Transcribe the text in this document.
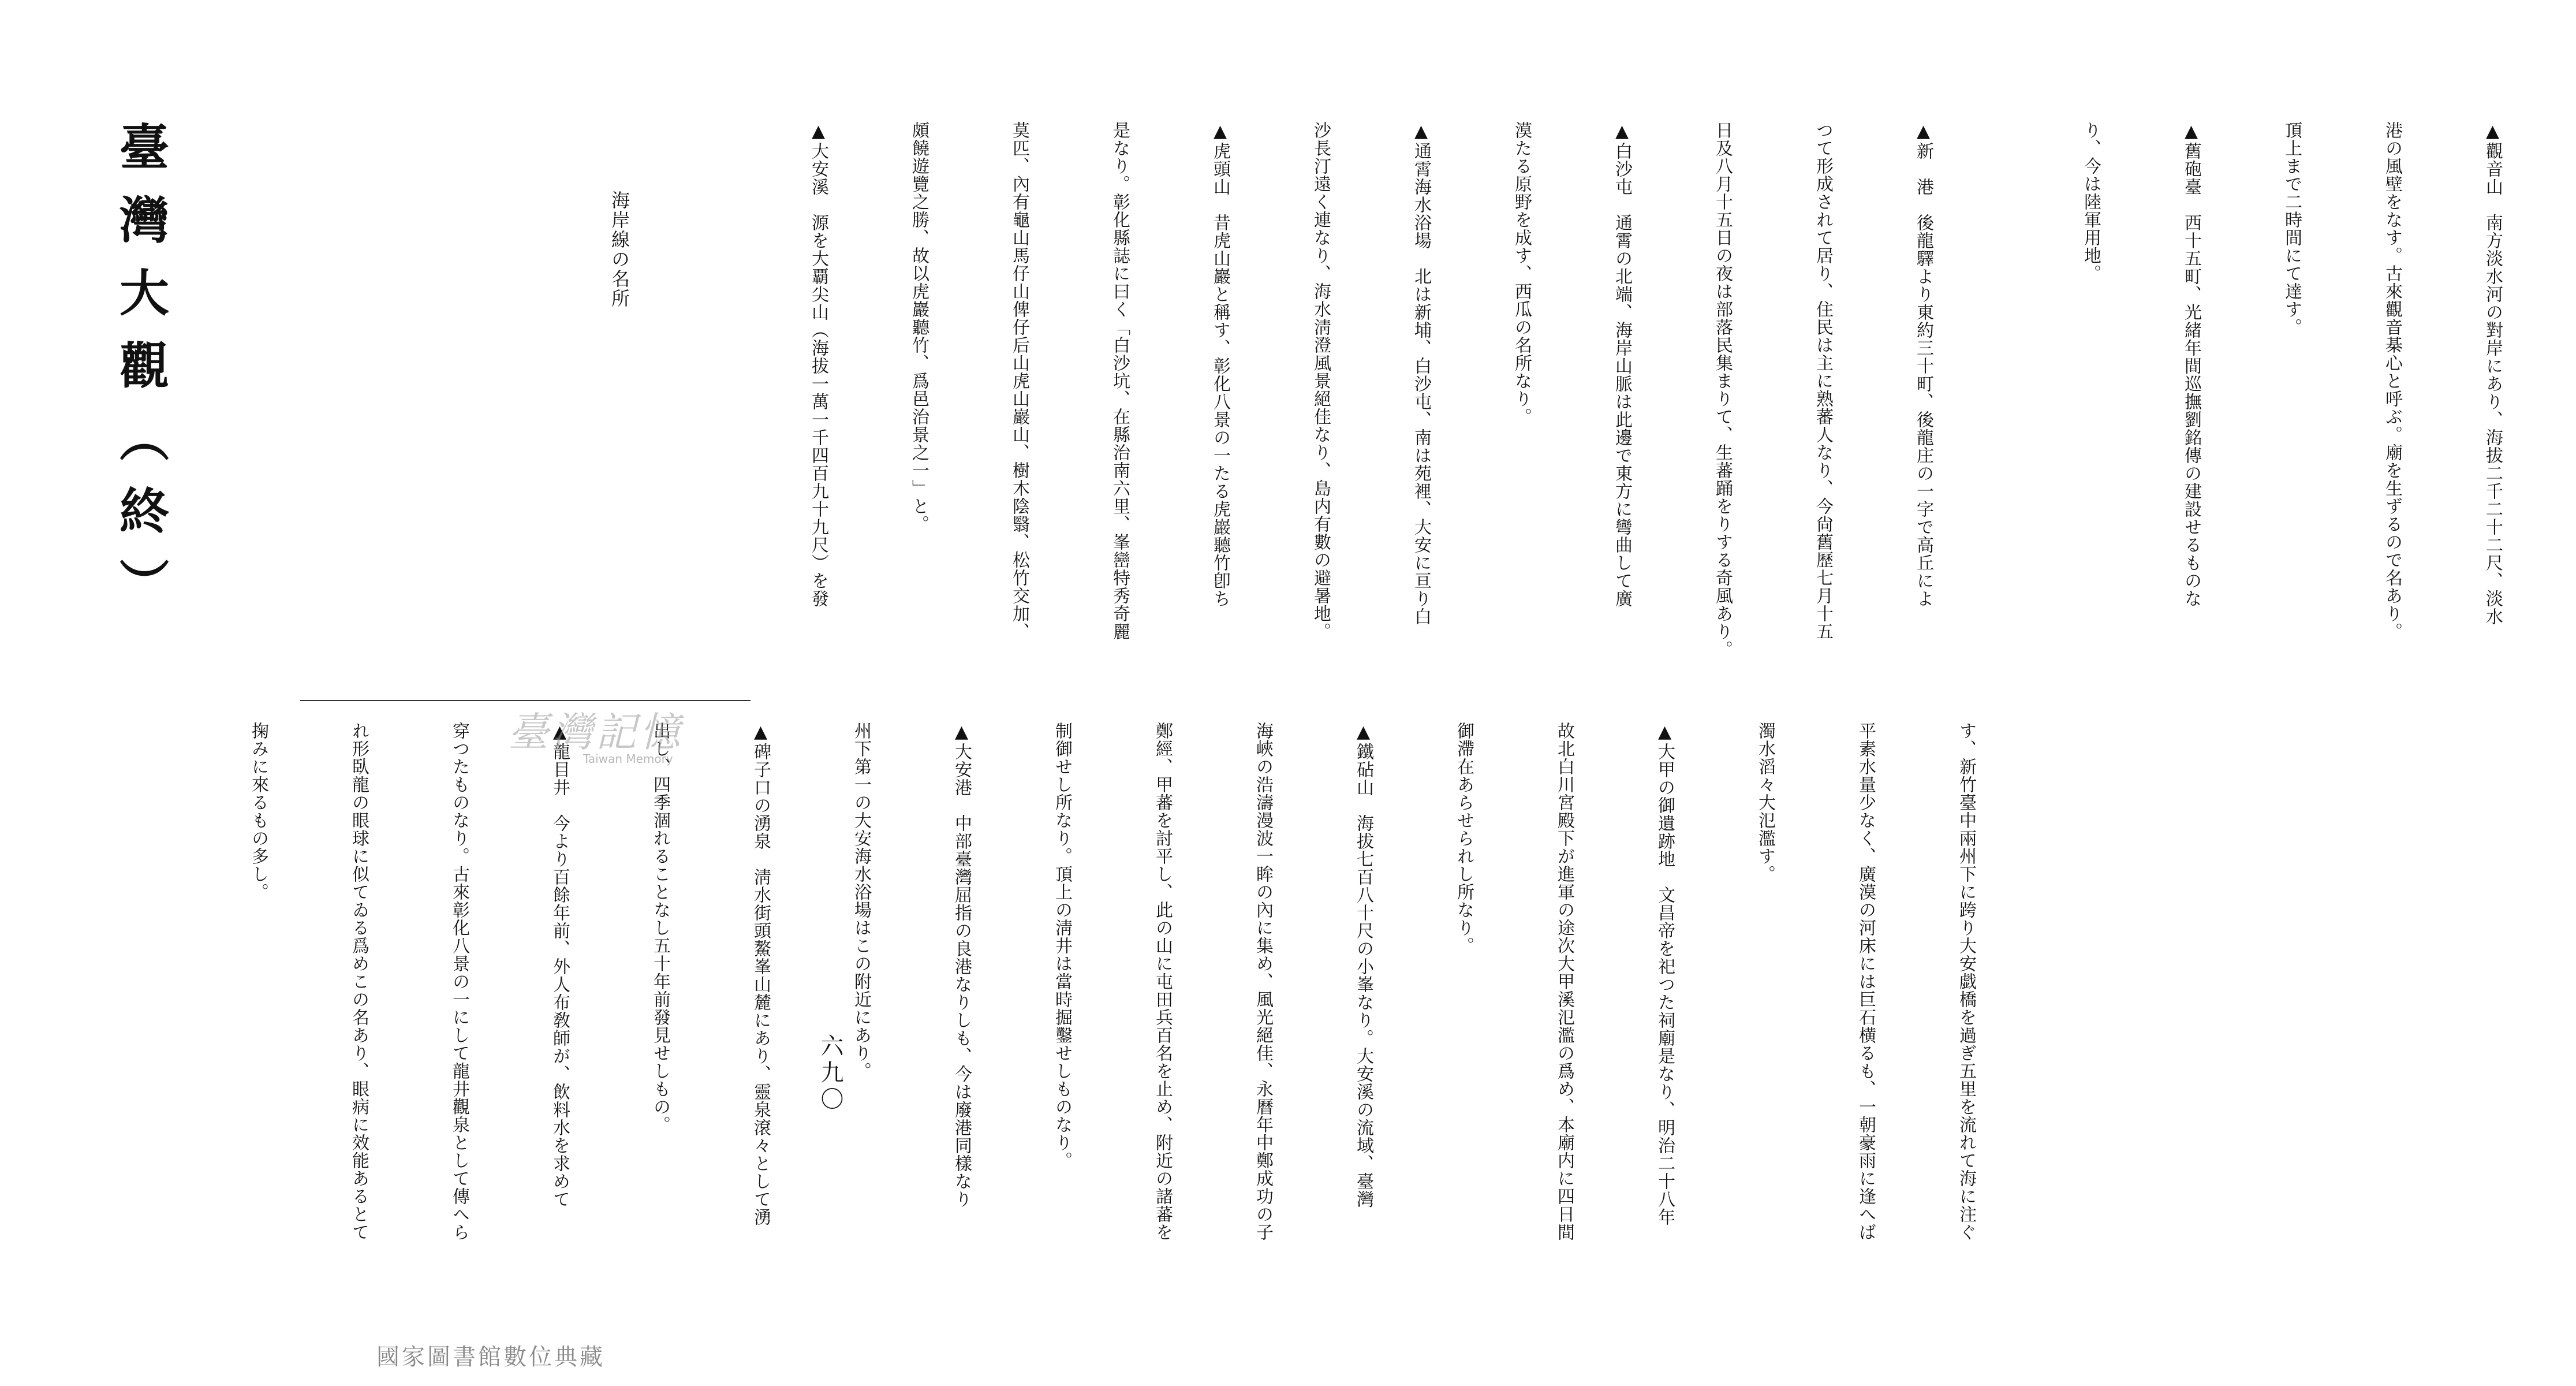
六九〇

▲觀音山　南方淡水河の對岸にあり、海拔二千二十二尺、淡水

港の風壁をなす。古來觀音棊心と呼ぶ。廟を生ずるので名あり。

頂上まで二時間にて達す。

▲舊砲臺　西十五町、光緒年間巡撫劉銘傳の建設せるものな

り、今は陸軍用地。

▲新　港　後龍驛より東約三十町、後龍庄の一字で高丘によ

つて形成されて居り、住民は主に熟蕃人なり、今尙舊歷七月十五

日及八月十五日の夜は部落民集まりて、生蕃踊をりする奇風あり。

▲白沙屯　通霄の北端、海岸山脈は此邊で東方に彎曲して廣

漠たる原野を成す、西瓜の名所なり。

▲通霄海水浴場　北は新埔、白沙屯、南は苑裡、大安に亘り白

沙長汀遠く連なり、海水淸澄風景絕佳なり、島内有數の避暑地。

▲虎頭山　昔虎山巖と稱す、彰化八景の一たる虎巖聽竹卽ち

是なり。彰化縣誌に曰く「白沙坑、在縣治南六里、峯巒特秀奇麗

莫匹、內有龜山馬仔山俾仔后山虎山巖山、樹木陰翳、松竹交加、

頗饒遊覽之勝、故以虎巖聽竹、爲邑治景之一」と。

▲大安溪　源を大覇尖山（海拔一萬一千四百九十九尺）を發

海岸線の名所

す、新竹臺中兩州下に跨り大安戯橋を過ぎ五里を流れて海に注ぐ

平素水量少なく、廣漠の河床には巨石横るも、一朝豪雨に逢へば

濁水滔々大氾濫す。

▲大甲の御遺跡地　文昌帝を祀つた祠廟是なり、明治二十八年

故北白川宮殿下が進軍の途次大甲溪氾濫の爲め、本廟内に四日間

御滯在あらせられし所なり。

▲鐵砧山　海拔七百八十尺の小峯なり。大安溪の流域、臺灣

海峽の浩濤漫波一眸の內に集め、風光絕佳、永曆年中鄭成功の子

鄭經、甲蕃を討平し、此の山に屯田兵百名を止め、附近の諸蕃を

制御せし所なり。頂上の淸井は當時掘鑿せしものなり。

▲大安港　中部臺灣屈指の良港なりしも、今は廢港同樣なり

州下第一の大安海水浴場はこの附近にあり。

▲碑子口の湧泉　淸水街頭鰲峯山麓にあり、靈泉滾々として湧

出し、四季涸れることなし五十年前發見せしもの。

▲龍目井　今より百餘年前、外人布敎師が、飲料水を求めて

穿つたものなり。古來彰化八景の一にして龍井觀泉として傳へら

れ形臥龍の眼球に似てゐる爲めこの名あり、眼病に效能あるとて

掬みに來るもの多し。	臺灣記憶
Taiwan Memory
臺灣大觀（終）
國家圖書館數位典藏
